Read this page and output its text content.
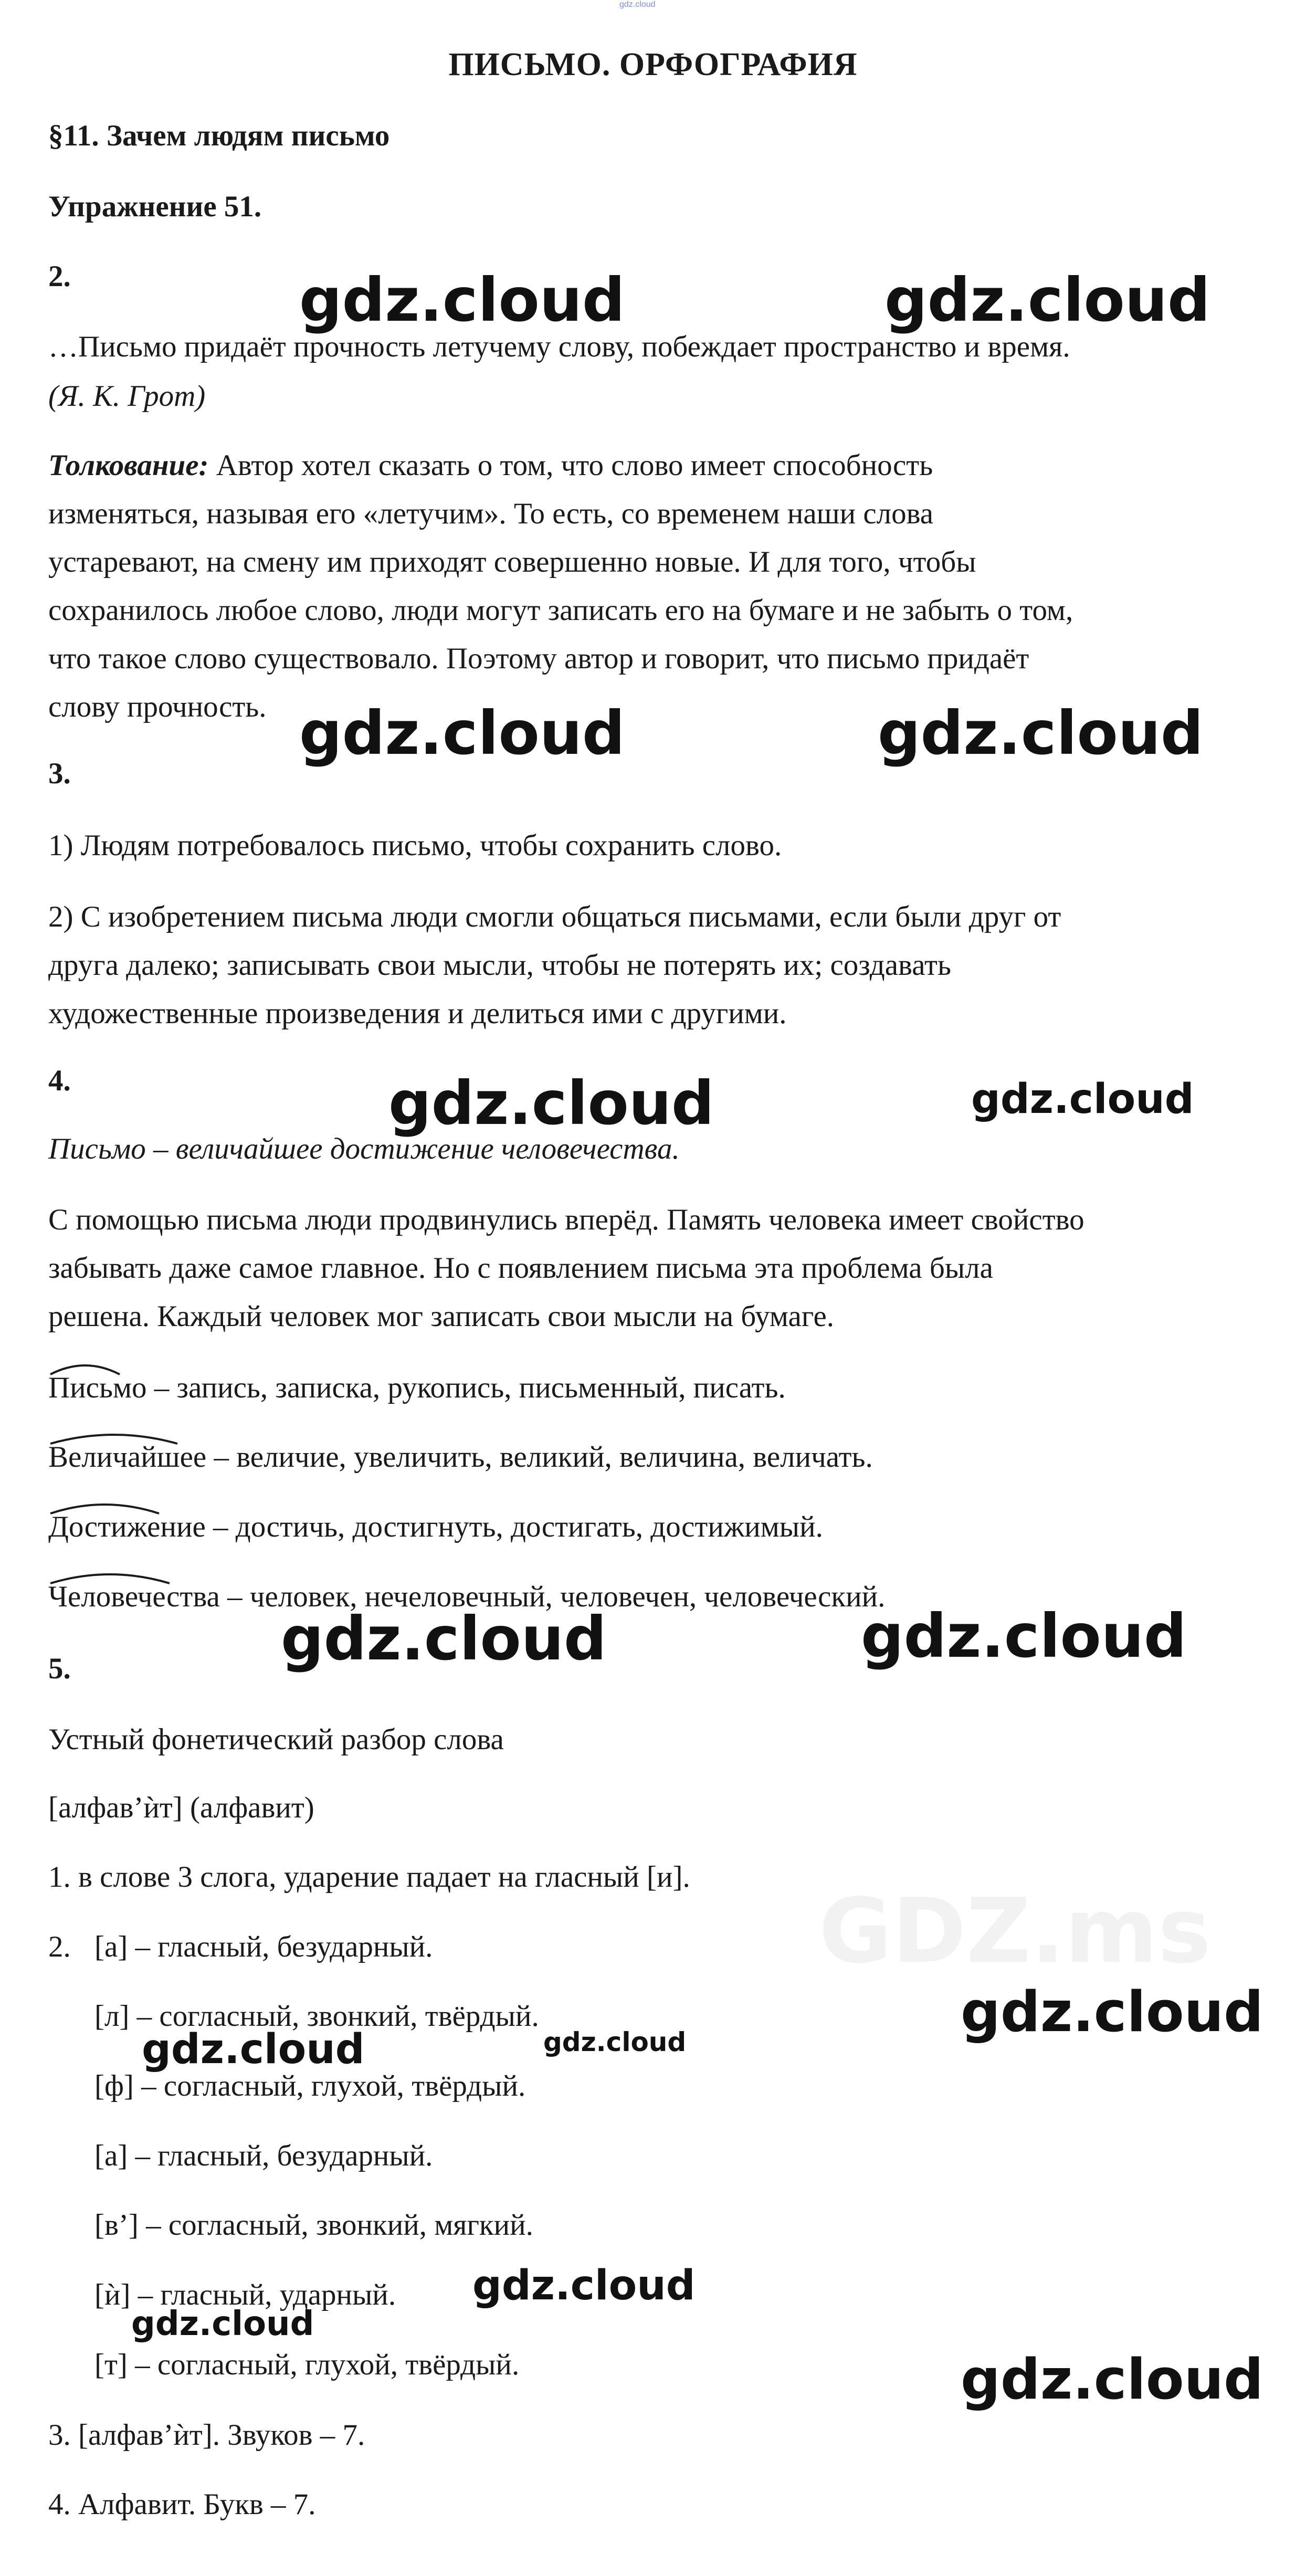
gdz.cloud
ПИСЬМО. ОРФОГРАФИЯ
§11. Зачем людям письмо
Упражнение 51.
2.
…Письмо придаёт прочность летучему слову, побеждает пространство и время.
(Я. К. Грот)
Толкование: Автор хотел сказать о том, что слово имеет способность
изменяться, называя его «летучим». То есть, со временем наши слова
устаревают, на смену им приходят совершенно новые. И для того, чтобы
сохранилось любое слово, люди могут записать его на бумаге и не забыть о том,
что такое слово существовало. Поэтому автор и говорит, что письмо придаёт
слову прочность.
3.
1) Людям потребовалось письмо, чтобы сохранить слово.
2) С изобретением письма люди смогли общаться письмами, если были друг от
друга далеко; записывать свои мысли, чтобы не потерять их; создавать
художественные произведения и делиться ими с другими.
4.
Письмо – величайшее достижение человечества.
С помощью письма люди продвинулись вперёд. Память человека имеет свойство
забывать даже самое главное. Но с появлением письма эта проблема была
решена. Каждый человек мог записать свои мысли на бумаге.
Письмо – запись, записка, рукопись, письменный, писать.
Величайшее – величие, увеличить, великий, величина, величать.
Достижение – достичь, достигнуть, достигать, достижимый.
Человечества – человек, нечеловечный, человечен, человеческий.
5.
GDZ.ms
Устный фонетический разбор слова
[алфав’ѝт] (алфавит)
1. в слове 3 слога, ударение падает на гласный [и].
2. [а] – гласный, безударный.
[л] – согласный, звонкий, твёрдый.
[ф] – согласный, глухой, твёрдый.
[а] – гласный, безударный.
[в’] – согласный, звонкий, мягкий.
[ѝ] – гласный, ударный.
[т] – согласный, глухой, твёрдый.
3. [алфав’ѝт]. Звуков – 7.
4. Алфавит. Букв – 7.
gdz.cloud	gdz.cloud
gdz.cloud	gdz.cloud
gdz.cloud	gdz.cloud
gdz.cloud	gdz.cloud
gdz.cloud
gdz.cloud	gdz.cloud
gdz.cloud
gdz.cloud
gdz.cloud
